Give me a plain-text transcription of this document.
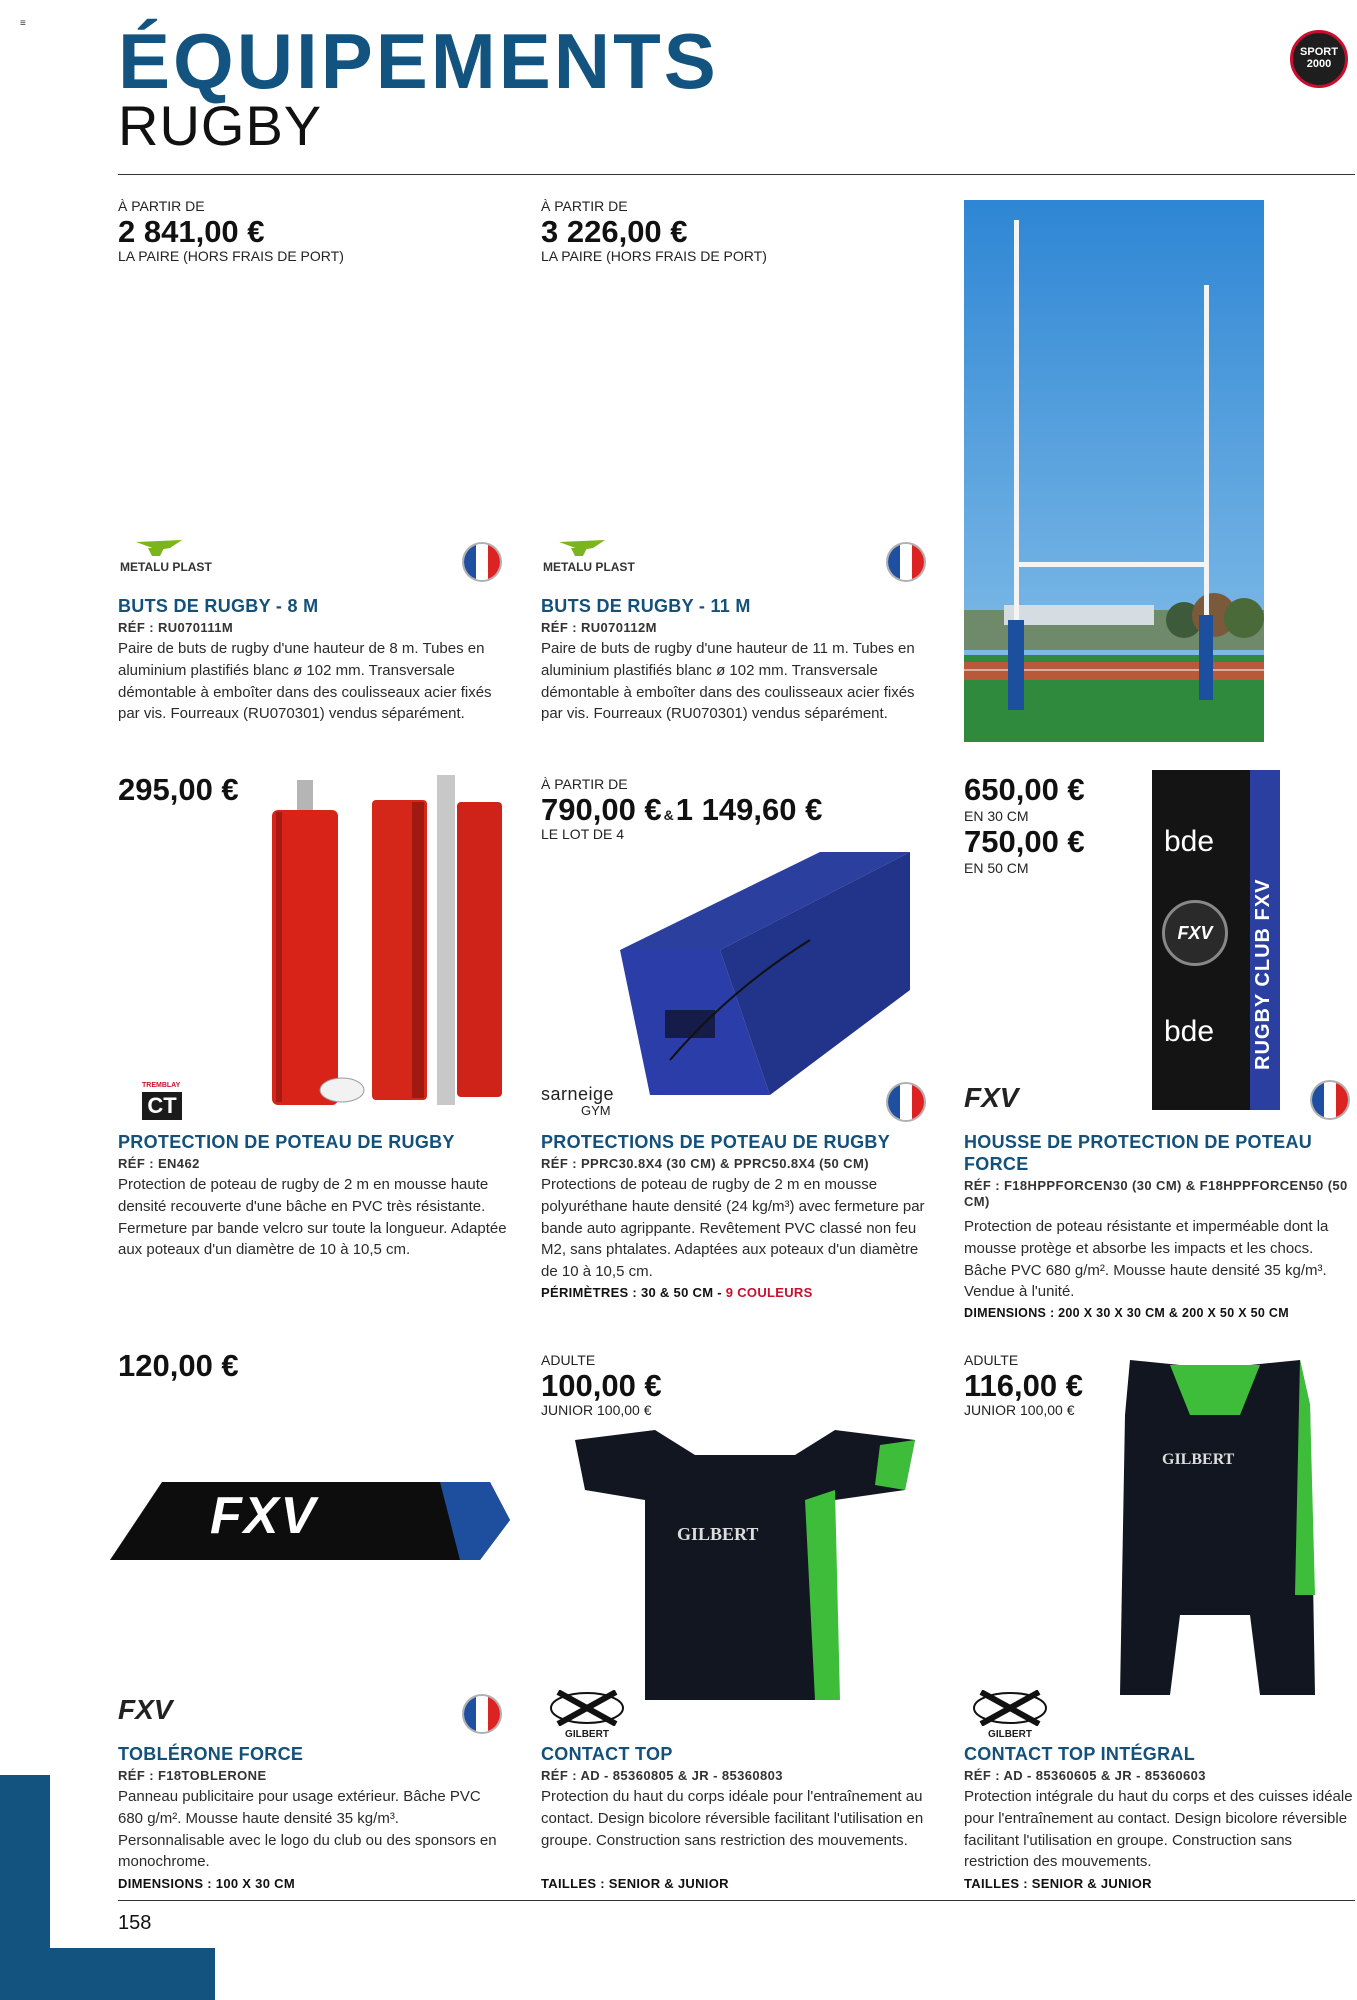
≡ ÉQUIPEMENTS
RUGBY
SPORT
2000
À PARTIR DE
2 841,00 €
LA PAIRE (HORS FRAIS DE PORT)
METALU PLAST
BUTS DE RUGBY - 8 M
RÉF : RU070111M
Paire de buts de rugby d'une hauteur de 8 m. Tubes en aluminium plastifiés blanc ø 102 mm. Transversale démontable à emboîter dans des coulisseaux acier fixés par vis. Fourreaux (RU070301) vendus séparément.
À PARTIR DE
3 226,00 €
LA PAIRE (HORS FRAIS DE PORT)
METALU PLAST
BUTS DE RUGBY - 11 M
RÉF : RU070112M
Paire de buts de rugby d'une hauteur de 11 m. Tubes en aluminium plastifiés blanc ø 102 mm. Transversale démontable à emboîter dans des coulisseaux acier fixés par vis. Fourreaux (RU070301) vendus séparément.
295,00 €
TREMBLAY
CT
PROTECTION DE POTEAU DE RUGBY
RÉF : EN462
Protection de poteau de rugby de 2 m en mousse haute densité recouverte d'une bâche en PVC très résistante. Fermeture par bande velcro sur toute la longueur. Adaptée aux poteaux d'un diamètre de 10 à 10,5 cm.
À PARTIR DE
790,00 € &1 149,60 €
LE LOT DE 4
sarneige
GYM
PROTECTIONS DE POTEAU DE RUGBY
RÉF : PPRC30.8X4 (30 CM) & PPRC50.8X4 (50 CM)
Protections de poteau de rugby de 2 m en mousse polyuréthane haute densité (24 kg/m³) avec fermeture par bande auto agrippante. Revêtement PVC classé non feu M2, sans phtalates. Adaptées aux poteaux d'un diamètre de 10 à 10,5 cm.
PÉRIMÈTRES : 30 & 50 CM - 9 COULEURS
650,00 €
EN 30 CM
750,00 €
EN 50 CM
bde
FXV
bde RUGBY CLUB FXV
FXV
HOUSSE DE PROTECTION DE POTEAU FORCE
RÉF : F18HPPFORCEN30 (30 CM) & F18HPPFORCEN50 (50 CM)
Protection de poteau résistante et imperméable dont la mousse protège et absorbe les impacts et les chocs. Bâche PVC 680 g/m². Mousse haute densité 35 kg/m³. Vendue à l'unité.
DIMENSIONS : 200 X 30 X 30 CM & 200 X 50 X 50 CM
120,00 €
FXV
FXV
TOBLÉRONE FORCE
RÉF : F18TOBLERONE
Panneau publicitaire pour usage extérieur. Bâche PVC 680 g/m². Mousse haute densité 35 kg/m³. Personnalisable avec le logo du club ou des sponsors en monochrome.
DIMENSIONS : 100 X 30 CM
ADULTE
100,00 €
JUNIOR 100,00 €
GILBERT
GILBERT
CONTACT TOP
RÉF : AD - 85360805 & JR - 85360803
Protection du haut du corps idéale pour l'entraînement au contact. Design bicolore réversible facilitant l'utilisation en groupe. Construction sans restriction des mouvements.
TAILLES : SENIOR & JUNIOR
ADULTE
116,00 €
JUNIOR 100,00 €
GILBERT
GILBERT
CONTACT TOP INTÉGRAL
RÉF : AD - 85360605 & JR - 85360603
Protection intégrale du haut du corps et des cuisses idéale pour l'entraînement au contact. Design bicolore réversible facilitant l'utilisation en groupe. Construction sans restriction des mouvements.
TAILLES : SENIOR & JUNIOR
158
